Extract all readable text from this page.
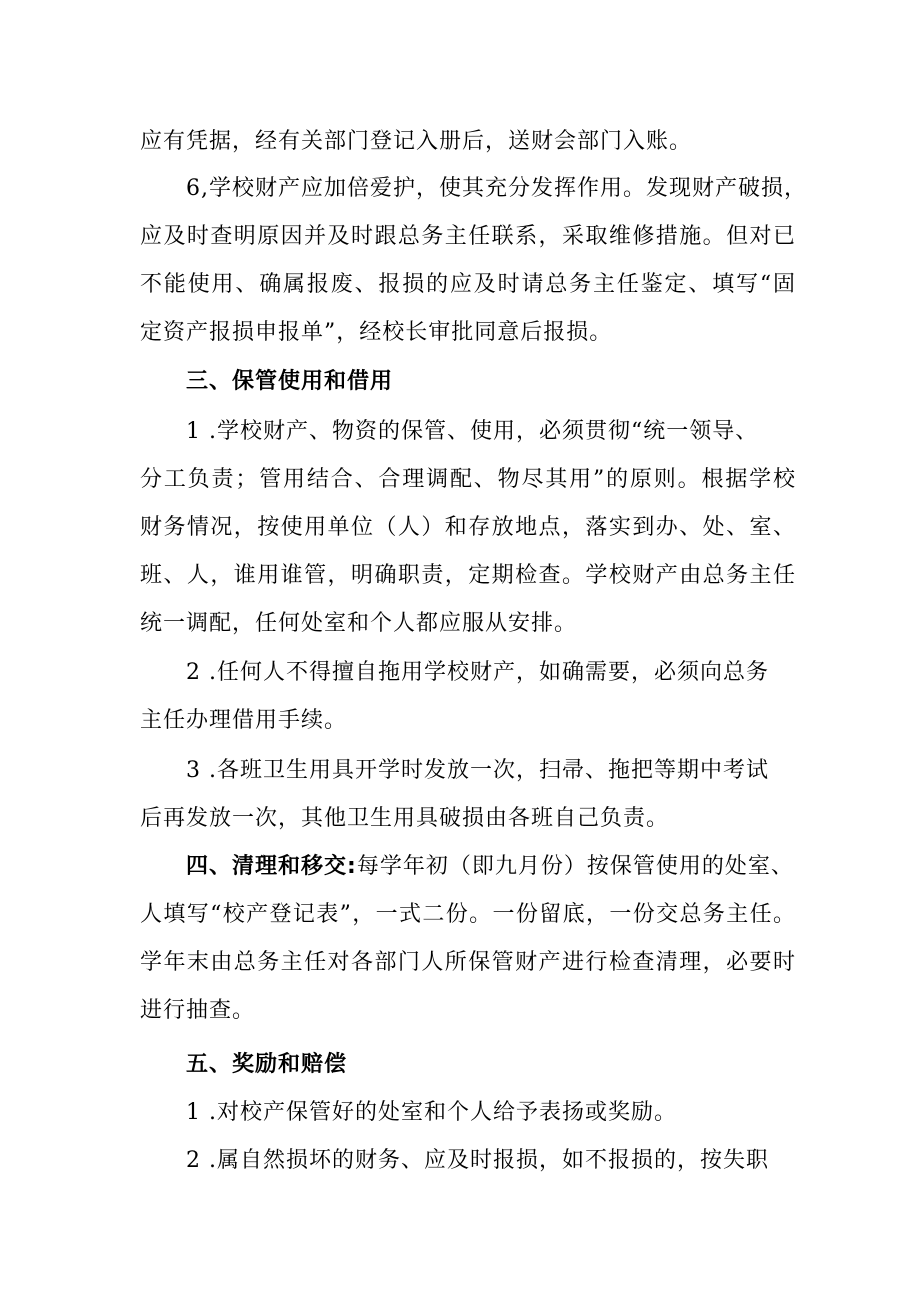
应有凭据，经有关部门登记入册后，送财会部门入账。
6,学校财产应加倍爱护，使其充分发挥作用。发现财产破损，
应及时查明原因并及时跟总务主任联系，采取维修措施。但对已
不能使用、确属报废、报损的应及时请总务主任鉴定、填写“固
定资产报损申报单”，经校长审批同意后报损。
三、保管使用和借用
1 .学校财产、物资的保管、使用，必须贯彻“统一领导、
分工负责；管用结合、合理调配、物尽其用”的原则。根据学校
财务情况，按使用单位（人）和存放地点，落实到办、处、室、
班、人，谁用谁管，明确职责，定期检查。学校财产由总务主任
统一调配，任何处室和个人都应服从安排。
2 .任何人不得擅自拖用学校财产，如确需要，必须向总务
主任办理借用手续。
3 .各班卫生用具开学时发放一次，扫帚、拖把等期中考试
后再发放一次，其他卫生用具破损由各班自己负责。
四、清理和移交:每学年初（即九月份）按保管使用的处室、
人填写“校产登记表”，一式二份。一份留底，一份交总务主任。
学年末由总务主任对各部门人所保管财产进行检查清理，必要时
进行抽查。
五、奖励和赔偿
1 .对校产保管好的处室和个人给予表扬或奖励。
2 .属自然损坏的财务、应及时报损，如不报损的，按失职
